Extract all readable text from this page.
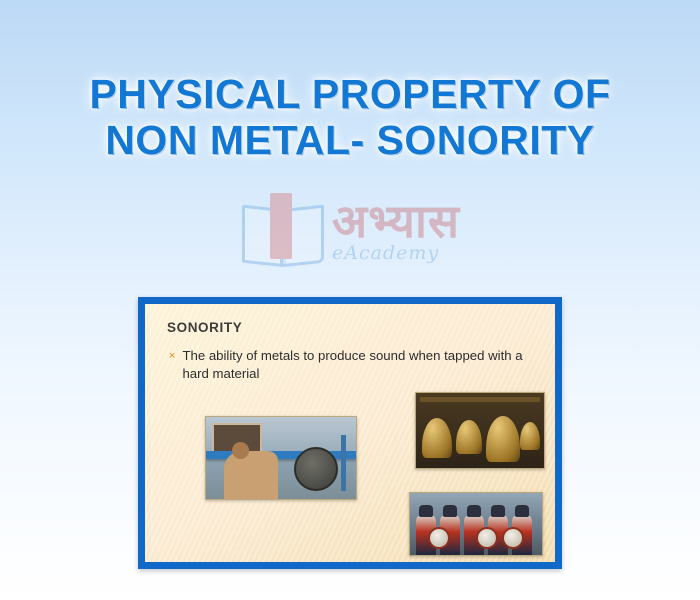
PHYSICAL PROPERTY OF
NON METAL- SONORITY
अभ्यास
eAcademy
SONORITY
× The ability of metals to produce sound when tapped with a hard material
